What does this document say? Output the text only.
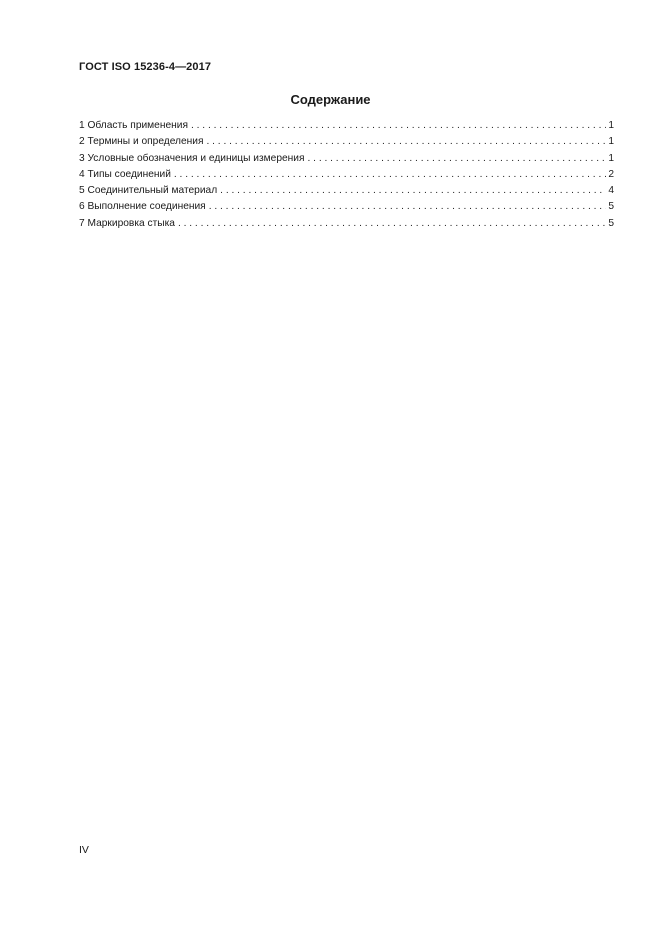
ГОСТ ISO 15236-4—2017
Содержание
1 Область применения . . .	1
2 Термины и определения . . .	1
3 Условные обозначения и единицы измерения . . .	1
4 Типы соединений . . .	2
5 Соединительный материал . . .	4
6 Выполнение соединения . . .	5
7 Маркировка стыка . . .	5
IV
